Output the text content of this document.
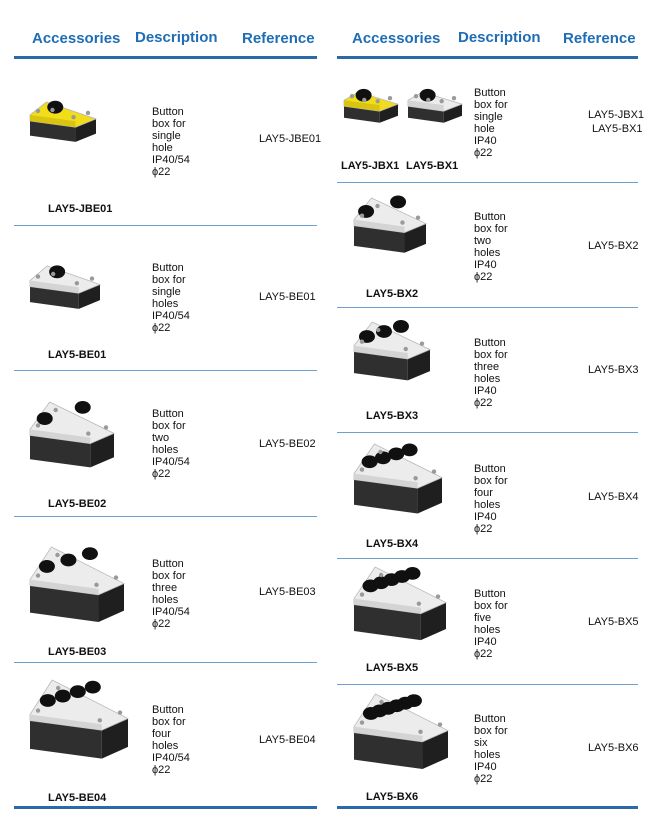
Accessories Description Reference Accessories Description Reference
LAY5-JBE01
Button
box for
single
hole
IP40/54
ϕ22
LAY5-JBE01
LAY5-BE01
Button
box for
single
holes
IP40/54
ϕ22
LAY5-BE01
LAY5-BE02
Button
box for
two
holes
IP40/54
ϕ22
LAY5-BE02
LAY5-BE03
Button
box for
three
holes
IP40/54
ϕ22
LAY5-BE03
LAY5-BE04
Button
box for
four
holes
IP40/54
ϕ22
LAY5-BE04
LAY5-JBX1 LAY5-BX1
Button
box for
single
hole
IP40
ϕ22
LAY5-JBX1
LAY5-BX1
LAY5-BX2
Button
box for
two
holes
IP40
ϕ22
LAY5-BX2
LAY5-BX3
Button
box for
three
holes
IP40
ϕ22
LAY5-BX3
LAY5-BX4
Button
box for
four
holes
IP40
ϕ22
LAY5-BX4
LAY5-BX5
Button
box for
five
holes
IP40
ϕ22
LAY5-BX5
LAY5-BX6
Button
box for
six
holes
IP40
ϕ22
LAY5-BX6
